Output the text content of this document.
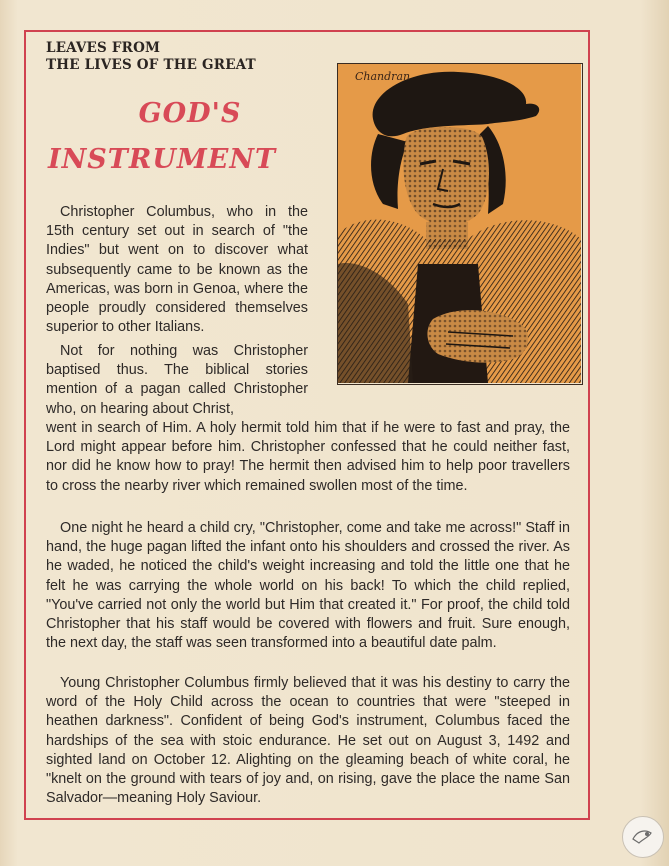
LEAVES FROM
THE LIVES OF THE GREAT
GOD'S
INSTRUMENT
Chandran
Christopher Columbus, who in the 15th century set out in search of "the Indies" but went on to discover what subsequently came to be known as the Americas, was born in Genoa, where the people proudly considered themselves superior to other Italians.
Not for nothing was Christopher baptised thus. The biblical stories mention of a pagan called Christopher who, on hearing about Christ,
went in search of Him. A holy hermit told him that if he were to fast and pray, the Lord might appear before him. Christopher confessed that he could neither fast, nor did he know how to pray! The hermit then advised him to help poor travellers to cross the nearby river which remained swollen most of the time.
One night he heard a child cry, "Christopher, come and take me across!" Staff in hand, the huge pagan lifted the infant onto his shoulders and crossed the river. As he waded, he noticed the child's weight increasing and told the little one that he felt he was carrying the whole world on his back! To which the child replied, "You've carried not only the world but Him that created it." For proof, the child told Christopher that his staff would be covered with flowers and fruit. Sure enough, the next day, the staff was seen transformed into a beautiful date palm.
Young Christopher Columbus firmly believed that it was his destiny to carry the word of the Holy Child across the ocean to countries that were "steeped in heathen darkness". Confident of being God's instrument, Columbus faced the hardships of the sea with stoic endurance. He set out on August 3, 1492 and sighted land on October 12. Alighting on the gleaming beach of white coral, he "knelt on the ground with tears of joy and, on rising, gave the place the name San Salvador—meaning Holy Saviour.
